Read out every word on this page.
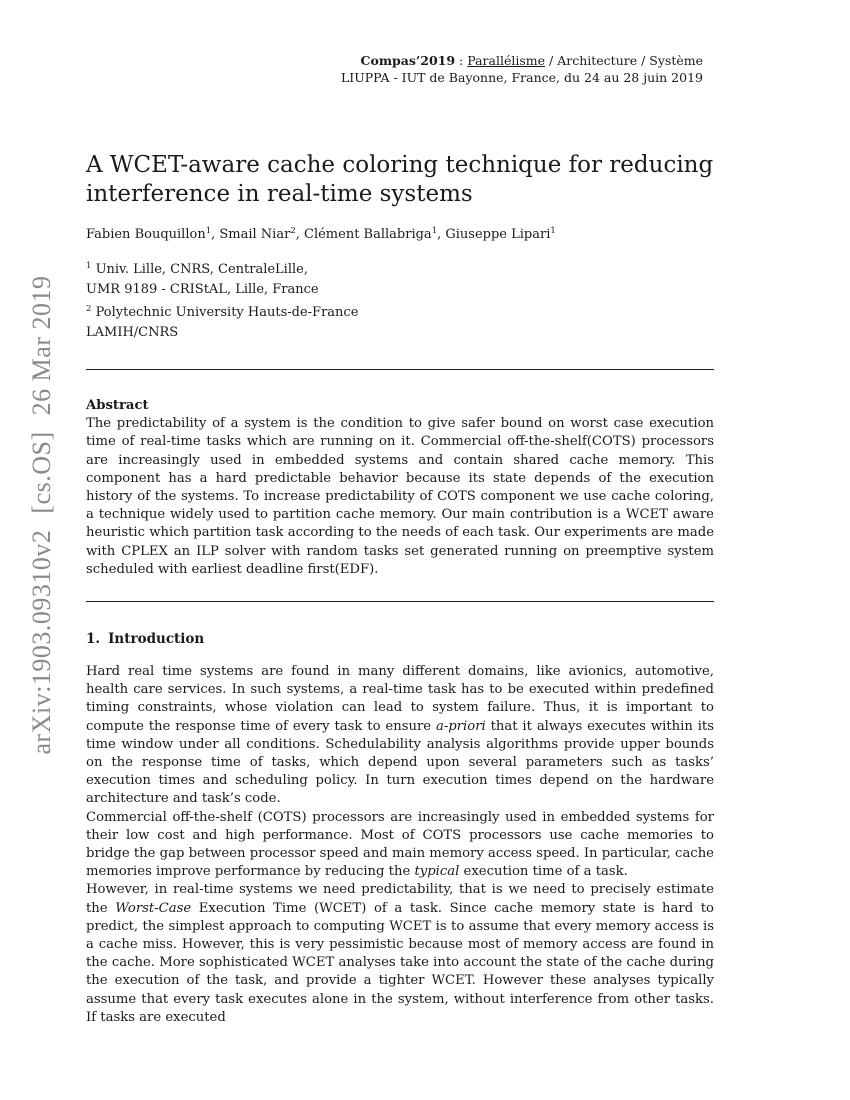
Compas’2019 : Parallélisme / Architecture / Système
LIUPPA - IUT de Bayonne, France, du 24 au 28 juin 2019
A WCET-aware cache coloring technique for reducing interference in real-time systems
Fabien Bouquillon$^1$, Smail Niar$^2$, Clément Ballabriga$^1$, Giuseppe Lipari$^1$
$^1$ Univ. Lille, CNRS, CentraleLille,
UMR 9189 - CRIStAL, Lille, France
$^2$ Polytechnic University Hauts-de-France
LAMIH/CNRS
Abstract
The predictability of a system is the condition to give safer bound on worst case execution time of real-time tasks which are running on it. Commercial off-the-shelf(COTS) processors are increasingly used in embedded systems and contain shared cache memory. This component has a hard predictable behavior because its state depends of the execution history of the systems. To increase predictability of COTS component we use cache coloring, a technique widely used to partition cache memory. Our main contribution is a WCET aware heuristic which partition task according to the needs of each task. Our experiments are made with CPLEX an ILP solver with random tasks set generated running on preemptive system scheduled with earliest deadline first(EDF).
1. Introduction

Hard real time systems are found in many different domains, like avionics, automotive, health care services. In such systems, a real-time task has to be executed within predefined timing constraints, whose violation can lead to system failure. Thus, it is important to compute the response time of every task to ensure a-priori that it always executes within its time window under all conditions. Schedulability analysis algorithms provide upper bounds on the response time of tasks, which depend upon several parameters such as tasks’ execution times and scheduling policy. In turn execution times depend on the hardware architecture and task’s code.

Commercial off-the-shelf (COTS) processors are increasingly used in embedded systems for their low cost and high performance. Most of COTS processors use cache memories to bridge the gap between processor speed and main memory access speed. In particular, cache memories improve performance by reducing the typical execution time of a task.

However, in real-time systems we need predictability, that is we need to precisely estimate the Worst-Case Execution Time (WCET) of a task. Since cache memory state is hard to predict, the simplest approach to computing WCET is to assume that every memory access is a cache miss. However, this is very pessimistic because most of memory access are found in the cache. More sophisticated WCET analyses take into account the state of the cache during the execution of the task, and provide a tighter WCET. However these analyses typically assume that every task executes alone in the system, without interference from other tasks. If tasks are executed

arXiv:1903.09310v2[cs.OS]26 Mar 2019
